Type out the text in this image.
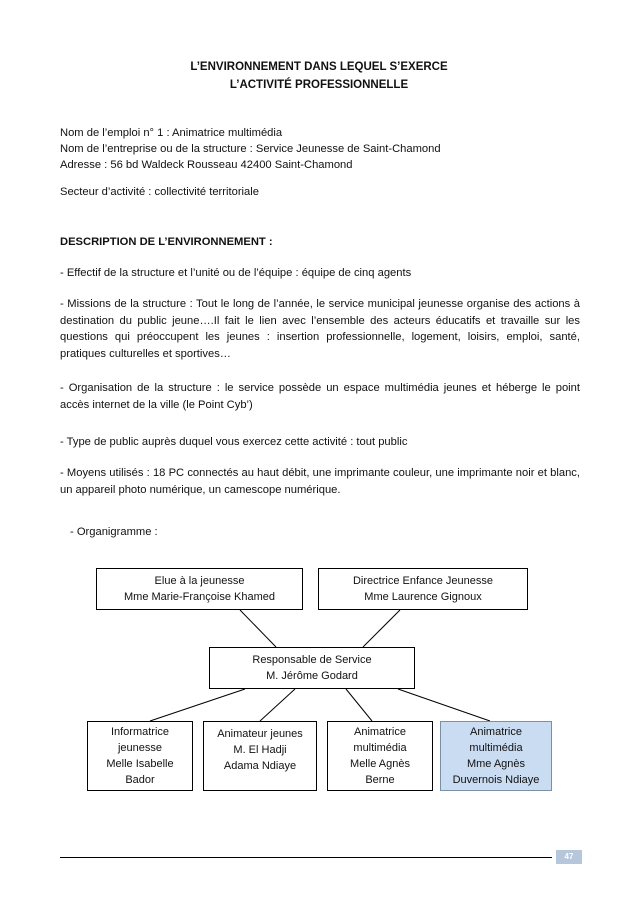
L’ENVIRONNEMENT DANS LEQUEL S’EXERCE
L’ACTIVITÉ PROFESSIONNELLE
Nom de l’emploi n° 1 : Animatrice multimédia
Nom de l’entreprise ou de la structure : Service Jeunesse de Saint-Chamond
Adresse : 56 bd Waldeck Rousseau 42400 Saint-Chamond
Secteur d’activité : collectivité territoriale
DESCRIPTION DE L’ENVIRONNEMENT :
- Effectif de la structure et l’unité ou de l’équipe : équipe de cinq agents
- Missions de la structure : Tout le long de l’année, le service municipal jeunesse organise des actions à destination du public jeune….Il fait le lien avec l’ensemble des acteurs éducatifs et travaille sur les questions qui préoccupent les jeunes : insertion professionnelle, logement, loisirs, emploi, santé, pratiques culturelles et sportives…
- Organisation de la structure : le service possède un espace multimédia jeunes et héberge le point accès internet de la ville (le Point Cyb’)
- Type de public auprès duquel vous exercez cette activité : tout public
- Moyens utilisés : 18 PC connectés au haut débit, une imprimante couleur, une imprimante noir et blanc, un appareil photo numérique, un camescope numérique.
- Organigramme :
Elue à la jeunesse
Mme Marie-Françoise Khamed
Directrice Enfance Jeunesse
Mme Laurence Gignoux
Responsable de Service
M. Jérôme Godard
Informatrice
jeunesse
Melle Isabelle
Bador
Animateur jeunes
M. El Hadji
Adama Ndiaye
Animatrice
multimédia
Melle Agnès
Berne
Animatrice
multimédia
Mme Agnès
Duvernois Ndiaye
47
